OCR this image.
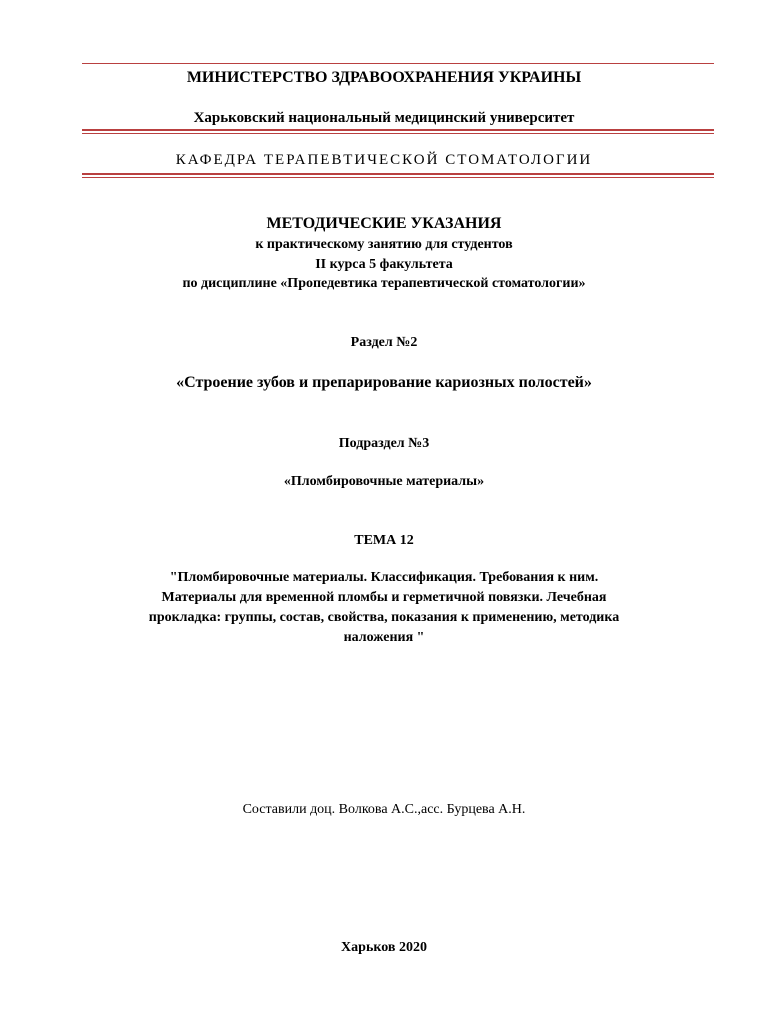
МИНИСТЕРСТВО ЗДРАВООХРАНЕНИЯ УКРАИНЫ
Харьковский национальный медицинский университет
КАФЕДРА ТЕРАПЕВТИЧЕСКОЙ СТОМАТОЛОГИИ
МЕТОДИЧЕСКИЕ УКАЗАНИЯ
к практическому занятию для студентов
II курса 5 факультета
по дисциплине «Пропедевтика терапевтической стоматологии»
Раздел №2
«Строение зубов и препарирование кариозных полостей»
Подраздел №3
«Пломбировочные материалы»
ТЕМА 12
"Пломбировочные материалы. Классификация. Требования к ним.
Материалы для временной пломбы и герметичной повязки. Лечебная
прокладка: группы, состав, свойства, показания к применению, методика
наложения "
Составили доц. Волкова А.С.,асс. Бурцева А.Н.
Харьков 2020
